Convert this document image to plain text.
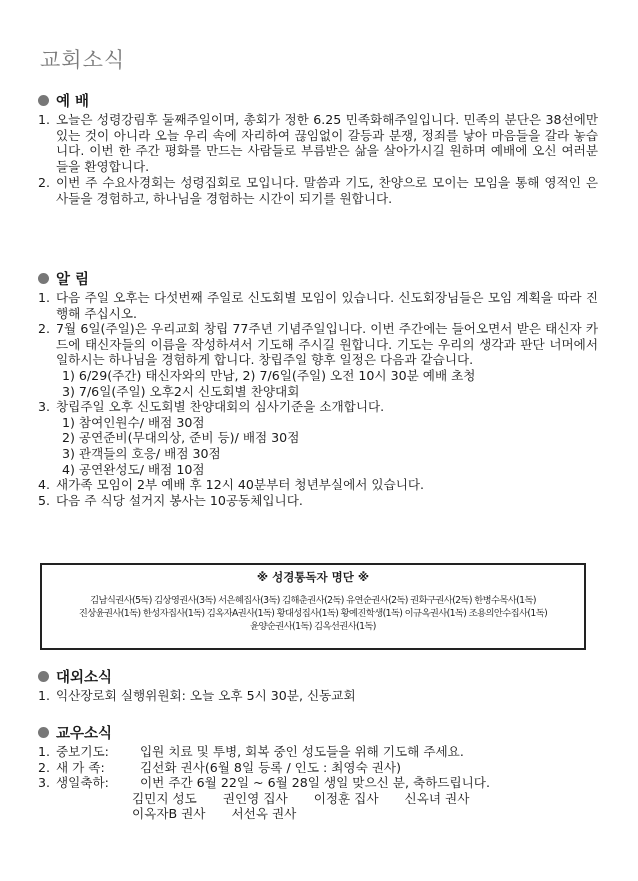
교회소식
예 배
1. 오늘은 성령강림후 둘째주일이며, 총회가 정한 6.25 민족화해주일입니다. 민족의 분단은 38선에만 있는 것이 아니라 오늘 우리 속에 자리하여 끊임없이 갈등과 분쟁, 정죄를 낳아 마음들을 갈라 놓습니다. 이번 한 주간 평화를 만드는 사람들로 부름받은 삶을 살아가시길 원하며 예배에 오신 여러분들을 환영합니다.
2. 이번 주 수요사경회는 성령집회로 모입니다. 말씀과 기도, 찬양으로 모이는 모임을 통해 영적인 은사들을 경험하고, 하나님을 경험하는 시간이 되기를 원합니다.
알 림
1. 다음 주일 오후는 다섯번째 주일로 신도회별 모임이 있습니다. 신도회장님들은 모임 계획을 따라 진행해 주십시오.
2. 7월 6일(주일)은 우리교회 창립 77주년 기념주일입니다. 이번 주간에는 들어오면서 받은 태신자 카드에 태신자들의 이름을 작성하셔서 기도해 주시길 원합니다. 기도는 우리의 생각과 판단 너머에서 일하시는 하나님을 경험하게 합니다. 창립주일 향후 일정은 다음과 같습니다.
1) 6/29(주간) 태신자와의 만남, 2) 7/6일(주일) 오전 10시 30분 예배 초청
3) 7/6일(주일) 오후2시 신도회별 찬양대회
3. 창립주일 오후 신도회별 찬양대회의 심사기준을 소개합니다.
1) 참여인원수/ 배점 30점
2) 공연준비(무대의상, 준비 등)/ 배점 30점
3) 관객들의 호응/ 배점 30점
4) 공연완성도/ 배점 10점
4. 새가족 모임이 2부 예배 후 12시 40분부터 청년부실에서 있습니다.
5. 다음 주 식당 설거지 봉사는 10공동체입니다.
※ 성경통독자 명단 ※
김남식권사(5독) 김상영권사(3독) 서은혜집사(3독) 김해춘권사(2독) 유연순권사(2독) 권화구권사(2독) 한병수목사(1독)
진상윤권사(1독) 한성자집사(1독) 김옥자A권사(1독) 황대성집사(1독) 황예진학생(1독) 이규옥권사(1독) 조용의안수집사(1독)
윤양순권사(1독) 김옥선권사(1독)
대외소식
1. 익산장로회 실행위원회: 오늘 오후 5시 30분, 신동교회
교우소식
1. 중보기도:	입원 치료 및 투병, 회복 중인 성도들을 위해 기도해 주세요.
2. 새 가 족:	김선화 권사(6월 8일 등록 / 인도 : 최영숙 권사)
3. 생일축하:	이번 주간 6월 22일 ~ 6월 28일 생일 맞으신 분, 축하드립니다.
김민지 성도 권인영 집사 이정훈 집사 신옥녀 권사
이옥자B 권사 서선옥 권사
